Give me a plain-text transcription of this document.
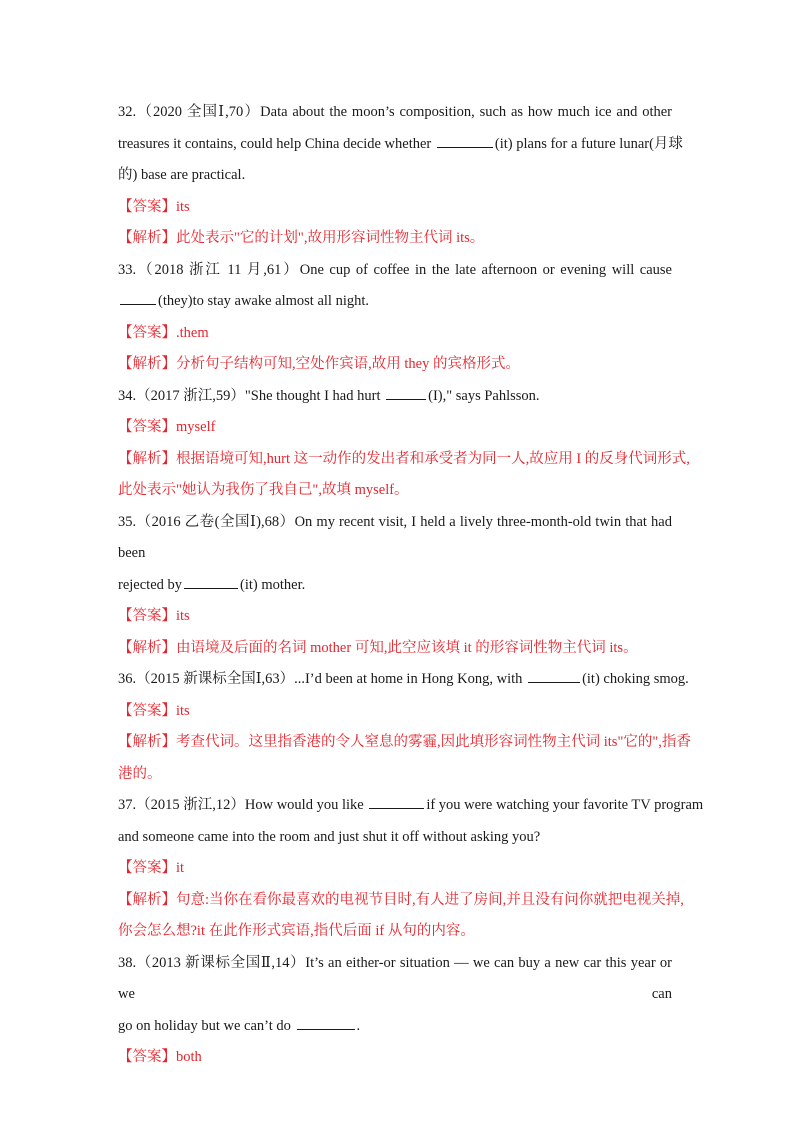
32.（2020 全国Ⅰ,70）Data about the moon’s composition, such as how much ice and other
treasures it contains, could help China decide whether	(it) plans for a future lunar(月球
的) base are practical.
【答案】its
【解析】此处表示"它的计划",故用形容词性物主代词 its。
33.（2018 浙江 11 月,61）One cup of coffee in the late afternoon or evening will cause
(they)to stay awake almost all night.
【答案】.them
【解析】分析句子结构可知,空处作宾语,故用 they 的宾格形式。
34.（2017 浙江,59）"She thought I had hurt	(I)," says Pahlsson.
【答案】myself
【解析】根据语境可知,hurt 这一动作的发出者和承受者为同一人,故应用 I 的反身代词形式,
此处表示"她认为我伤了我自己",故填 myself。
35.（2016 乙卷(全国Ⅰ),68）On my recent visit, I held a lively three-month-old twin that had been
rejected by	(it) mother.
【答案】its
【解析】由语境及后面的名词 mother 可知,此空应该填 it 的形容词性物主代词 its。
36.（2015 新课标全国Ⅰ,63）...I’d been at home in Hong Kong, with	(it) choking smog.
【答案】its
【解析】考查代词。这里指香港的令人窒息的雾霾,因此填形容词性物主代词 its"它的",指香
港的。
37.（2015 浙江,12）How would you like	if you were watching your favorite TV program
and someone came into the room and just shut it off without asking you?
【答案】it
【解析】句意:当你在看你最喜欢的电视节目时,有人进了房间,并且没有问你就把电视关掉,
你会怎么想?it 在此作形式宾语,指代后面 if 从句的内容。
38.（2013 新课标全国Ⅱ,14）It’s an either-or situation — we can buy a new car this year or we can
go on holiday but we can’t do	.
【答案】both
